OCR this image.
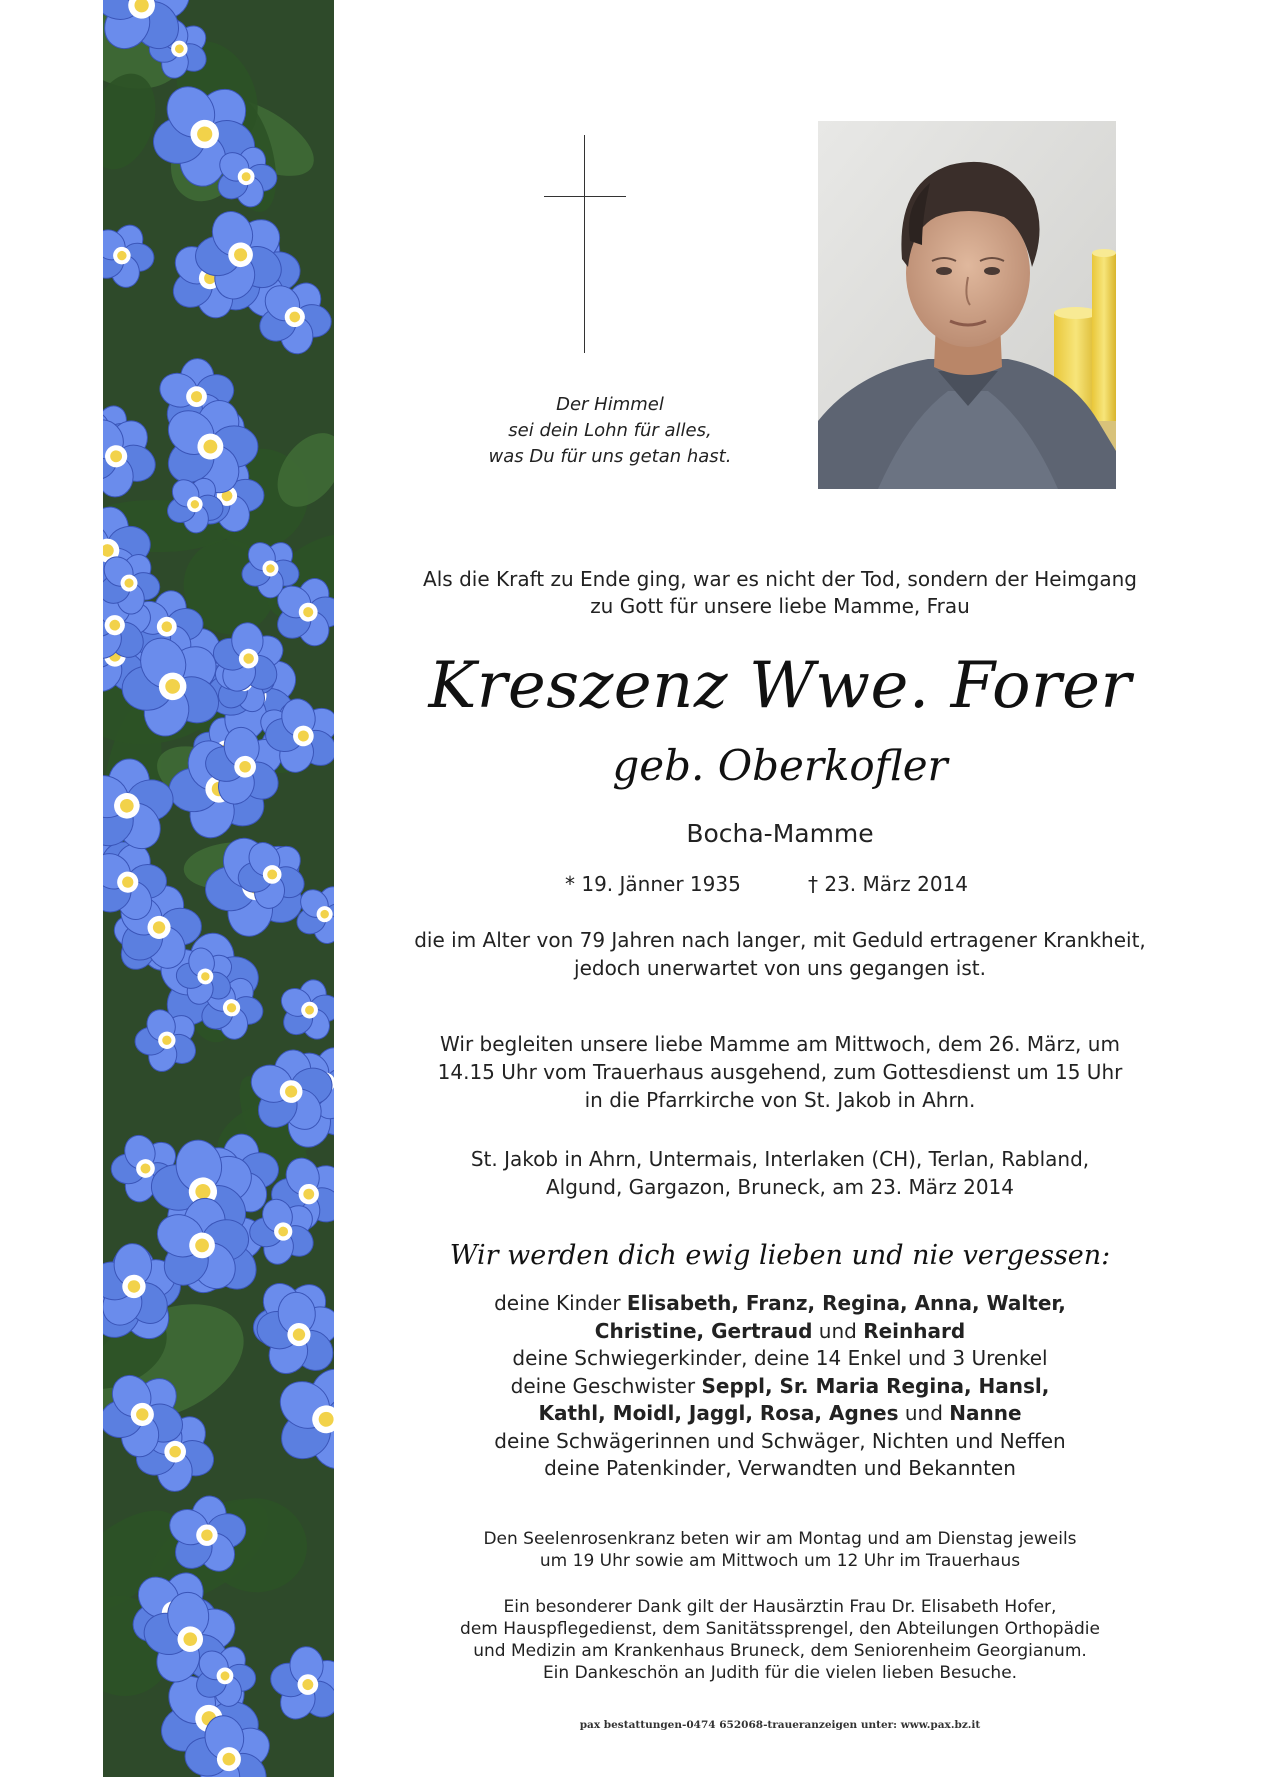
Der Himmel
sei dein Lohn für alles,
was Du für uns getan hast.
Als die Kraft zu Ende ging, war es nicht der Tod, sondern der Heimgang
zu Gott für unsere liebe Mamme, Frau
Kreszenz Wwe. Forer
geb. Oberkofler
Bocha-Mamme
* 19. Jänner 1935	† 23. März 2014
die im Alter von 79 Jahren nach langer, mit Geduld ertragener Krankheit,
jedoch unerwartet von uns gegangen ist.
Wir begleiten unsere liebe Mamme am Mittwoch, dem 26. März, um
14.15 Uhr vom Trauerhaus ausgehend, zum Gottesdienst um 15 Uhr
in die Pfarrkirche von St. Jakob in Ahrn.
St. Jakob in Ahrn, Untermais, Interlaken (CH), Terlan, Rabland,
Algund, Gargazon, Bruneck, am 23. März 2014
Wir werden dich ewig lieben und nie vergessen:
deine Kinder Elisabeth, Franz, Regina, Anna, Walter,
Christine, Gertraud und Reinhard
deine Schwiegerkinder, deine 14 Enkel und 3 Urenkel
deine Geschwister Seppl, Sr. Maria Regina, Hansl,
Kathl, Moidl, Jaggl, Rosa, Agnes und Nanne
deine Schwägerinnen und Schwäger, Nichten und Neffen
deine Patenkinder, Verwandten und Bekannten
Den Seelenrosenkranz beten wir am Montag und am Dienstag jeweils
um 19 Uhr sowie am Mittwoch um 12 Uhr im Trauerhaus
Ein besonderer Dank gilt der Hausärztin Frau Dr. Elisabeth Hofer,
dem Hauspflegedienst, dem Sanitätssprengel, den Abteilungen Orthopädie
und Medizin am Krankenhaus Bruneck, dem Seniorenheim Georgianum.
Ein Dankeschön an Judith für die vielen lieben Besuche.
pax bestattungen-0474 652068-traueranzeigen unter: www.pax.bz.it
